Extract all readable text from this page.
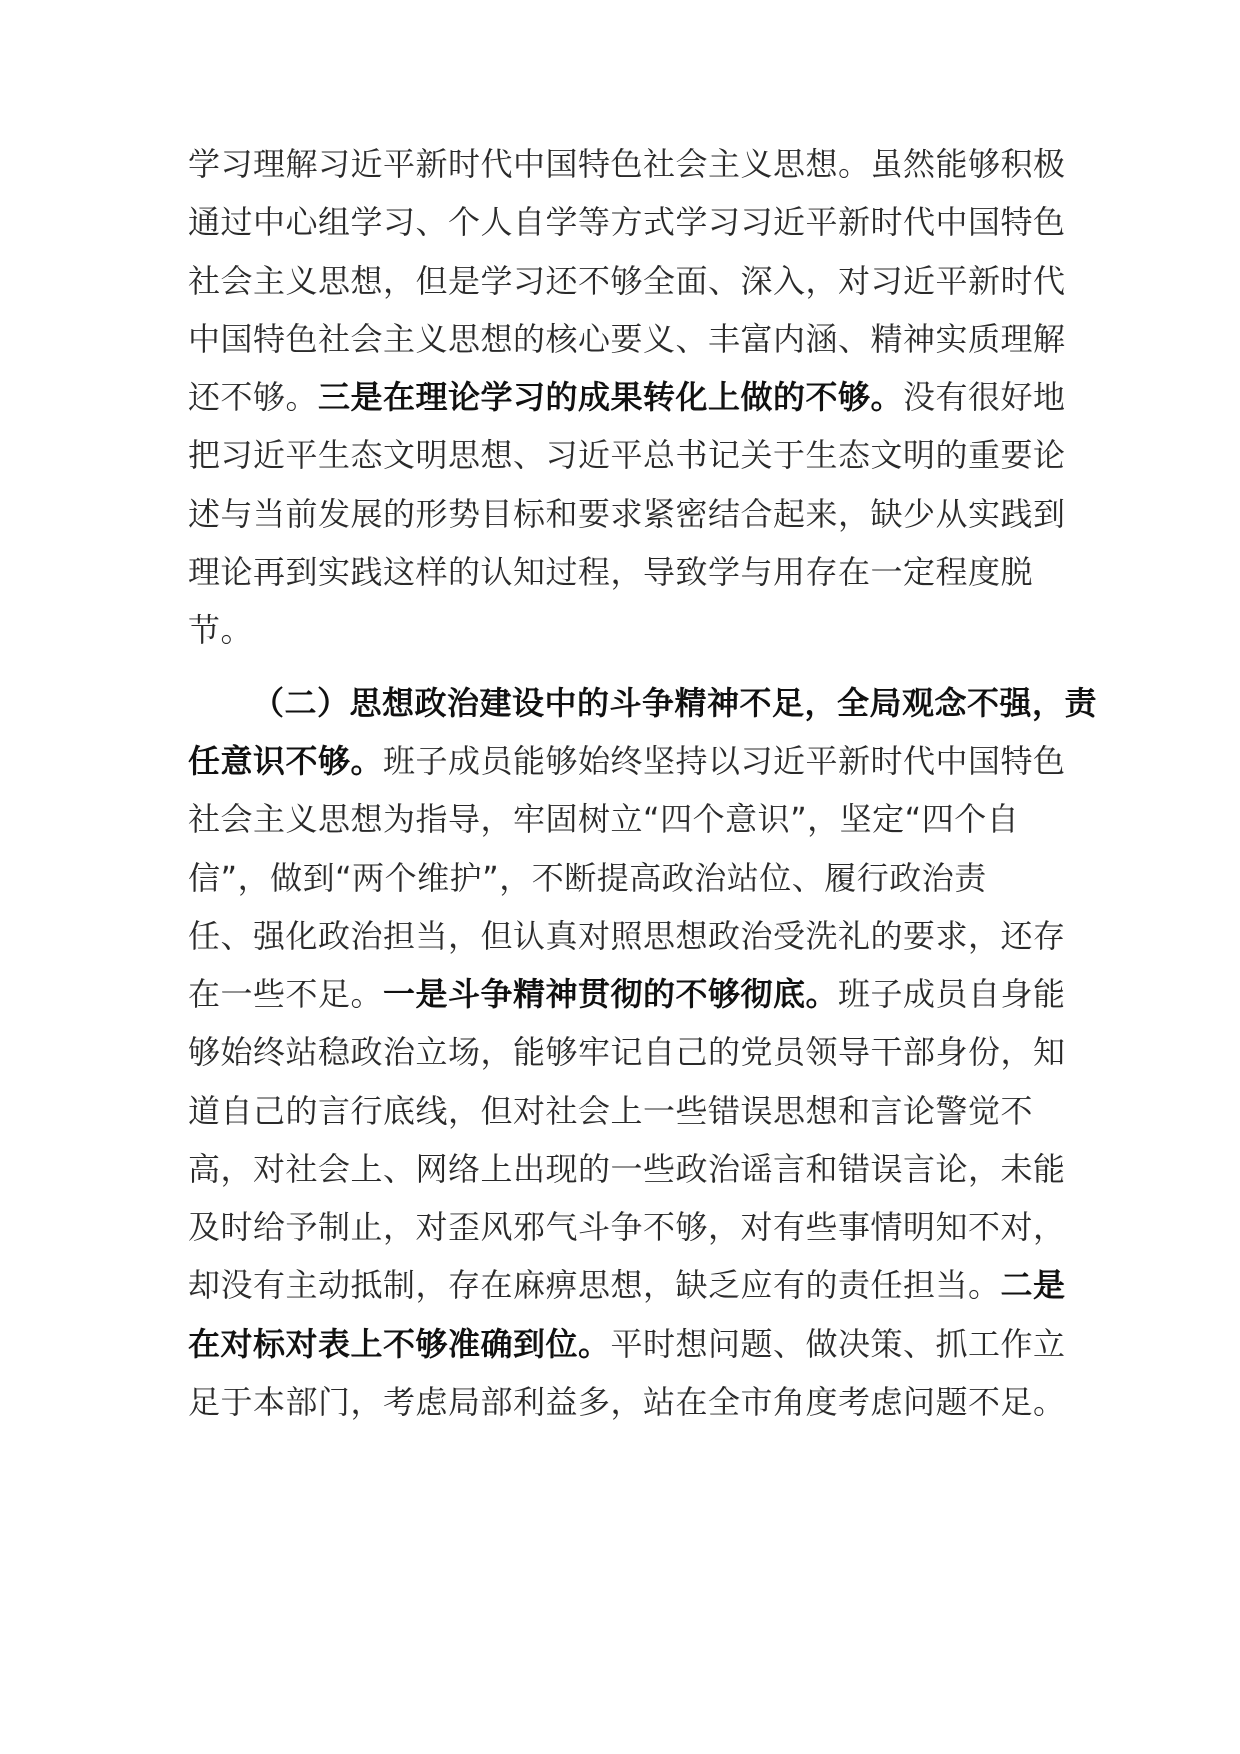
学习理解习近平新时代中国特色社会主义思想。虽然能够积极
通过中心组学习、个人自学等方式学习习近平新时代中国特色
社会主义思想，但是学习还不够全面、深入，对习近平新时代
中国特色社会主义思想的核心要义、丰富内涵、精神实质理解
还不够。三是在理论学习的成果转化上做的不够。没有很好地
把习近平生态文明思想、习近平总书记关于生态文明的重要论
述与当前发展的形势目标和要求紧密结合起来，缺少从实践到
理论再到实践这样的认知过程，导致学与用存在一定程度脱
节。
（二）思想政治建设中的斗争精神不足，全局观念不强，责
任意识不够。班子成员能够始终坚持以习近平新时代中国特色
社会主义思想为指导，牢固树立“四个意识”，坚定“四个自
信”，做到“两个维护”，不断提高政治站位、履行政治责
任、强化政治担当，但认真对照思想政治受洗礼的要求，还存
在一些不足。一是斗争精神贯彻的不够彻底。班子成员自身能
够始终站稳政治立场，能够牢记自己的党员领导干部身份，知
道自己的言行底线，但对社会上一些错误思想和言论警觉不
高，对社会上、网络上出现的一些政治谣言和错误言论，未能
及时给予制止，对歪风邪气斗争不够，对有些事情明知不对，
却没有主动抵制，存在麻痹思想，缺乏应有的责任担当。二是
在对标对表上不够准确到位。平时想问题、做决策、抓工作立
足于本部门，考虑局部利益多，站在全市角度考虑问题不足。
